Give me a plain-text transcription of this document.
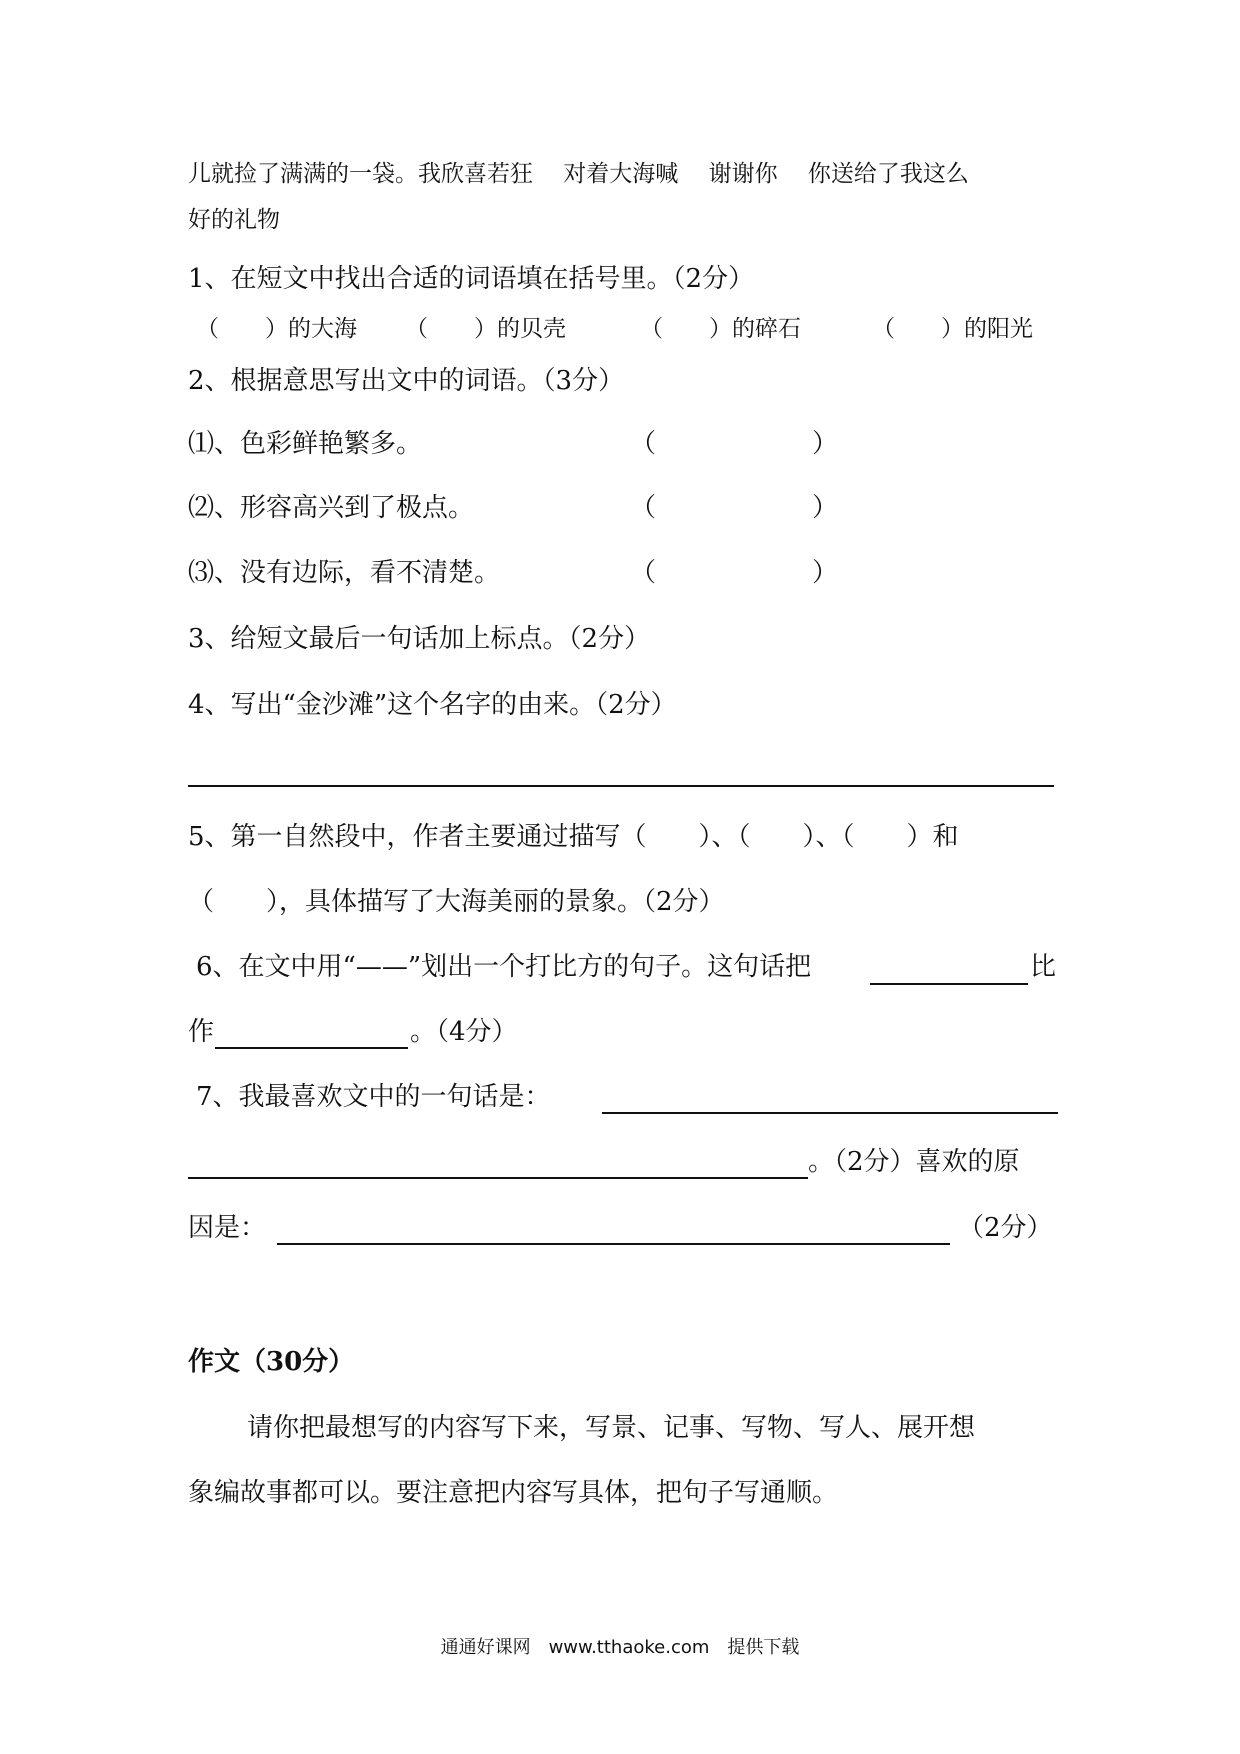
儿就捡了满满的一袋。我欣喜若狂　 对着大海喊　 谢谢你　 你送给了我这么
好的礼物
1、在短文中找出合适的词语填在括号里。（2分）
（　　）的大海 （　　）的贝壳	（　　）的碎石	（　　）的阳光
2、根据意思写出文中的词语。（3分）
⑴、色彩鲜艳繁多。	（　　　　　　）
⑵、形容高兴到了极点。	（　　　　　　）
⑶、没有边际，看不清楚。	（　　　　　　）
3、给短文最后一句话加上标点。（2分）
4、写出“金沙滩”这个名字的由来。（2分）
5、第一自然段中，作者主要通过描写（　　）、（　　）、（　　）和
（　　），具体描写了大海美丽的景象。（2分）
6、在文中用“——”划出一个打比方的句子。这句话把	比
作	。（4分）
7、我最喜欢文中的一句话是：
。（2分）喜欢的原
因是：	（2分）
作文（30分）
请你把最想写的内容写下来，写景、记事、写物、写人、展开想
象编故事都可以。要注意把内容写具体，把句子写通顺。
通通好课网　www.tthaoke.com　提供下载
